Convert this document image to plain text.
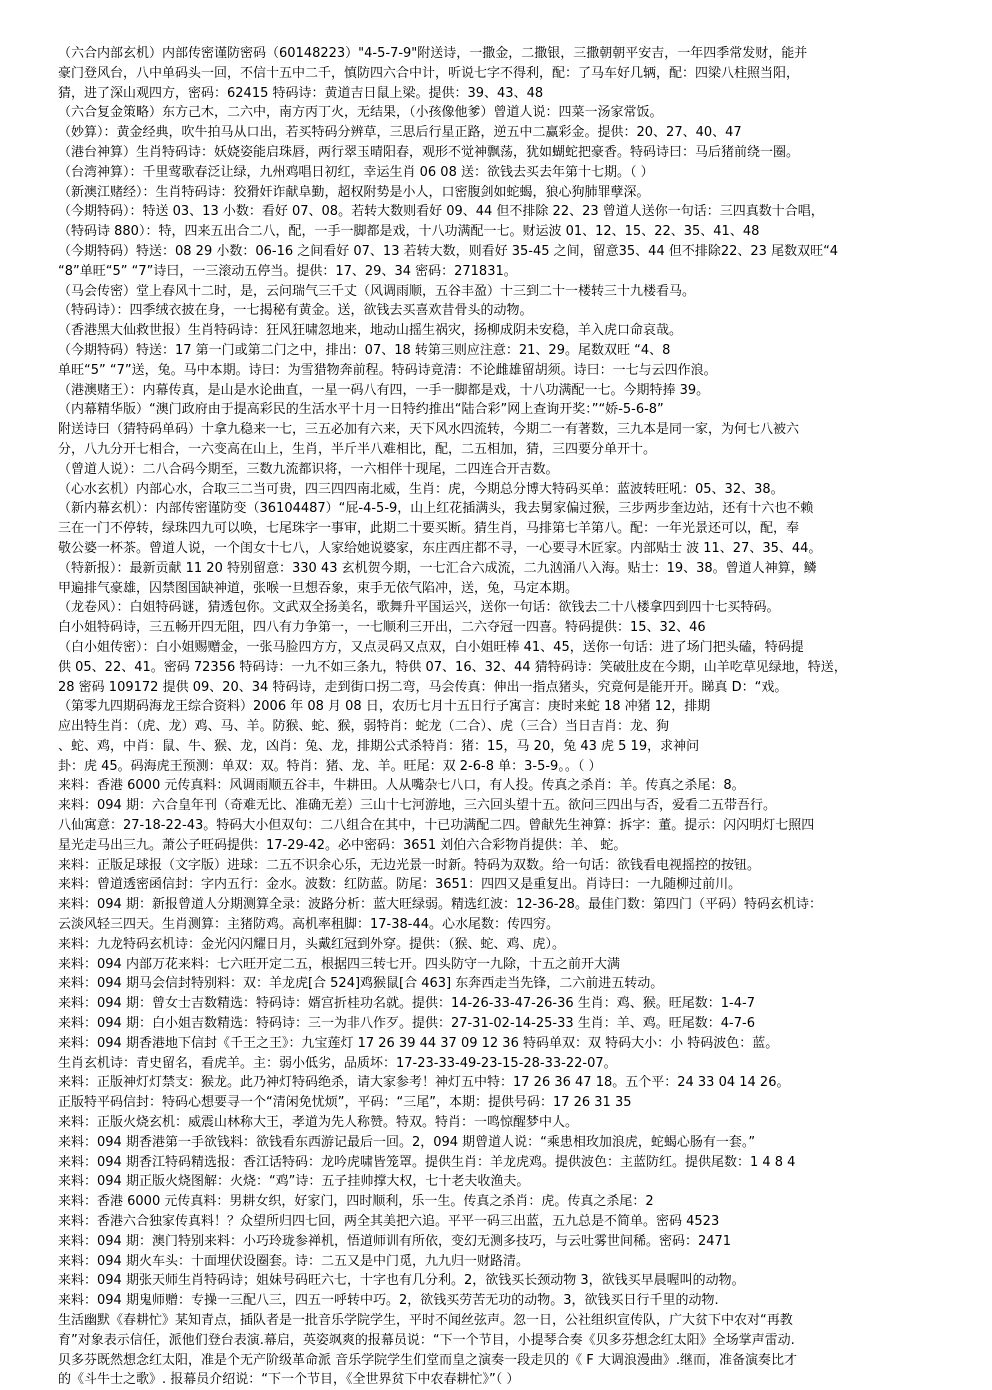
（六合内部玄机）内部传密谨防密码（60148223）"4-5-7-9"附送诗，一撒金，二撒银，三撒朝朝平安吉，一年四季常发财，能并
豪门登风台，八中单码头一回，不信十五中二千，慎防四六合中计，听说七字不得利，配：了马车好几辆，配：四梁八柱照当阳，
猜，进了深山观四方，密码：62415 特码诗：黄道吉日鼠上梁。提供：39、43、48
（六合复金策略）东方己木，二六中，南方丙丁火，无结果，（小孩像他爹）曾道人说：四菜一汤家常饭。
（妙算）：黄金经典，吹牛拍马从口出，若买特码分辨草，三思后行星正路，逆五中二赢彩金。提供：20、27、40、47
（港台神算）生肖特码诗：妖娆姿能启珠唇，两行翠玉晴阳春，观形不觉神飘荡，犹如蝴蛇把豪香。特码诗曰：马后猪前绕一圈。
（台湾神算）：千里莺歌春泛让绿，九州鸡唱日初红，幸运生肖 06 08 送：欲钱去买去年第十七期。（ ）
（新澳江赌经）：生肖特码诗：狡猾奸诈献阜勤，超权附势是小人，口密腹剑如蛇蝎，狼心狗肺罪孽深。
（今期特码）：特送 03、13 小数：看好 07、08。若转大数则看好 09、44 但不排除 22、23 曾道人送你一句话：三四真数十合唱，
（特码诗 880）：特，四来五出合二八，配，一手一脚都是戏，十八功满配一七。财运波 01、12、15、22、35、41、48
（今期特码）特送：08 29 小数：06-16 之间看好 07、13 若转大数，则看好 35-45 之间，留意35、44 但不排除22、23 尾数双旺“4
“8”单旺“5” “7”诗曰，一三滚动五停当。提供：17、29、34 密码：271831。
（马会传密）堂上春风十二时，是，云问瑞气三千丈（风调雨顺，五谷丰盈）十三到二十一楼转三十九楼看马。
（特码诗）：四季绒衣披在身，一七揭秘有黄金。送，欲钱去买喜欢昔骨头的动物。
（香港黑大仙救世报）生肖特码诗：狂风狂啸忽地来，地动山摇生祸灾，扬柳成阴未安稳，羊入虎口命哀哉。
（今期特码）特送：17 第一门或第二门之中，排出：07、18 转第三则应注意：21、29。尾数双旺 “4、8
单旺“5” “7”送，兔。马中本期。诗曰：为雪猎物奔前程。特码诗竟清：不论雌雄留胡须。诗曰：一七与云四作浪。
（港澳赌王）：内幕传真，是山是水论曲直，一星一码八有四，一手一脚都是戏，十八功满配一七。今期特捧 39。
（内幕精华版）“澳门政府由于提高彩民的生活水平十月一日特约推出“陆合彩”网上查询开奖：”“娇-5-6-8”
附送诗曰（猜特码单码）十拿九稳来一七，三五必加有六来，天下风水四流转，今期二一有著数，三九本是同一家，为何七八被六
分，八九分开七相合，一六变高在山上，生肖，半斤半八难相比，配，二五相加，猜，三四要分单开十。
（曾道人说）：二八合码今期至，三数九流都识将，一六相伴十现尾，二四连合开吉数。
（心水玄机）内部心水，合取三二当可贵，四三四四南北威，生肖：虎，今期总分博大特码买单：蓝波转旺吼：05、32、38。
（新内幕玄机）：内部传密谨防变（36104487）“屁-4-5-9，山上红花插满头，我去舅家偏过猴，三步两步奎边站，还有十六也不赖
三在一门不停转，绿珠四九可以唤，七尾珠字一事审，此期二十要买断。猜生肖，马排第七羊第八。配：一年光景还可以，配，奉
敬公婆一杯茶。曾道人说，一个闺女十七八，人家给她说婆家，东庄西庄都不寻，一心要寻木匠家。内部贴士 波 11、27、35、44。
（特新报）：最新贡献 11 20 特别留意：330 43 玄机贺今期，一七汇合六成流，二九汹涌八入海。贴士：19、38。曾道人神算，鳞
甲遍排气豪雄，囚禁图国缺神道，张喉一旦想吞象，束手无依气陷冲，送，兔，马定本期。
（龙卷风）：白姐特码谜，猜透包你。文武双全扬美名，歌舞升平国运兴，送你一句话：欲钱去二十八楼拿四到四十七买特码。
白小姐特码诗，三五畅开四无阻，四八有力争第一，一七顺利三开出，二六夺冠一四喜。特码提供：15、32、46
（白小姐传密）：白小姐赐赠金，一张马脸四方方，又点灵码又点双，白小姐旺棒 41、45，送你一句话：进了场门把头磕，特码提
供 05、22、41。密码 72356 特码诗：一九不如三条九，特供 07、16、32、44 猜特码诗：笑破肚皮在今期，山羊吃草见绿地，特送，
28 密码 109172 提供 09、20、34 特码诗，走到街口拐二弯，马会传真：伸出一指点猪头，究竟何是能开开。睇真 D：“戏。
（第零九四期码海龙王综合资料）2006 年 08 月 08 日，农历七月十五日行子寓言：庚时来蛇 18 冲猪 12，排期
应出特生肖：（虎、龙）鸡、马、羊。防猴、蛇、猴，弱特肖：蛇龙（二合）、虎（三合）当日吉肖：龙、狗
、蛇、鸡，中肖：鼠、牛、猴、龙，凶肖：兔、龙，排期公式杀特肖：猪：15，马 20，兔 43 虎 5 19，求神问
卦：虎 45。码海虎王预测：单双：双。特肖：猪、龙、羊。旺尾：双 2-6-8 单：3-5-9。。（ ）
来料：香港 6000 元传真料：风调雨顺五谷丰，牛耕田。人从嘴杂七八口，有人投。传真之杀肖：羊。传真之杀尾：8。
来料：094 期：六合皇年刊（奇难无比、准确无差）三山十七河游地，三六回头望十五。欲问三四出与否，爱看二五带吾行。
八仙寓意：27-18-22-43。特码大小但双句：二八组合在其中，十已功满配二四。曾献先生神算：拆字：董。提示：闪闪明灯七照四
星光走马出三九。萧公子旺码提供：17-29-42。必中密码：3651 刘伯六合彩物肖提供：羊、 蛇。
来料：正版足球报（文字版）进球：二五不识余心乐，无边光景一时新。特码为双数。给一句话：欲钱看电视摇控的按钮。
来料：曾道透密函信封：字内五行：金水。波数：红防蓝。防尾：3651：四四又是重复出。肖诗曰：一九随柳过前川。
来料：094 期：新报曾道人分期测算全录：波路分析：蓝大旺绿弱。精选红波：12-36-28。最佳门数：第四门（平码）特码玄机诗：
云淡风轻三四天。生肖测算：主猪防鸡。高机率租脚：17-38-44。心水尾数：传四穷。
来料：九龙特码玄机诗：金光闪闪耀日月，头戴红冠到外穿。提供：（猴、蛇、鸡、虎）。
来料：094 内部万花来料：七六旺开定二五，根据四三转七开。四头防守一九除，十五之前开大满
来料：094 期马会信封特别料：双：羊龙虎[合 524]鸡猴鼠[合 463] 东奔西走当先锋，二六前进五转动。
来料：094 期：曾女士吉数精选：特码诗：婿宫折桂功名就。提供：14-26-33-47-26-36 生肖：鸡、猴。旺尾数：1-4-7
来料：094 期：白小姐吉数精选：特码诗：三一为非八作歹。提供：27-31-02-14-25-33 生肖：羊、鸡。旺尾数：4-7-6
来料：094 期香港地下信封《千王之王》：九宝莲灯 17 26 39 44 37 09 12 36 特码单双：双 特码大小：小 特码波色：蓝。
生肖玄机诗：青史留名，看虎羊。主：弱小低劣，品质坏：17-23-33-49-23-15-28-33-22-07。
来料：正版神灯灯禁支：猴龙。此乃神灯特码绝杀，请大家参考！神灯五中特：17 26 36 47 18。五个平：24 33 04 14 26。
正版特平码信封：特码心想要寻一个“清闲免忧烦”，平码：“三尾”，本期：提供号码：17 26 31 35
来料：正版火烧玄机：威震山林称大王，孝道为先人称赞。特双。特肖：一鸣惊醒梦中人。
来料：094 期香港第一手欲钱料：欲钱看东西游记最后一回。2，094 期曾道人说：“乘患相玫加浪虎，蛇蝎心肠有一套。”
来料：094 期香江特码精选报：香江话特码：龙吟虎啸皆笼罩。提供生肖：羊龙虎鸡。提供波色：主蓝防红。提供尾数：1 4 8 4
来料：094 期正版火烧图解：火烧：“鸡”诗：五子挂帅撑大权，七十老夫收渔夫。
来料：香港 6000 元传真料：男耕女织，好家门，四时顺利，乐一生。传真之杀肖：虎。传真之杀尾：2
来料：香港六合独家传真料！？众望所归四七回，两全其美把六追。平平一码三出蓝，五九总是不简单。密码 4523
来料：094 期：澳门特别来料：小巧玲珑参禅机，悟道师训有所依，变幻无测多技巧，与云吐雾世间稀。密码：2471
来料：094 期火车头：十面埋伏设圈套。诗：二五又是中门觅，九九归一财路清。
来料：094 期张天师生肖特码诗；姐妹号码旺六七，十字也有几分利。2，欲钱买长颈动物 3，欲钱买早晨喔叫的动物。
来料：094 期鬼师赠：专操一三配八三，四五一呼转中巧。2，欲钱买劳苦无功的动物。3，欲钱买日行千里的动物.
生活幽默《春耕忙》某知青点，插队者是一批音乐学院学生，平时不闻丝弦声。忽一日，公社组织宣传队，广大贫下中农对“再教
育”对象表示信任，派他们登台表演.幕启，英姿飒爽的报幕员说：“下一个节目，小提琴合奏《贝多芬想念红太阳》全场掌声雷动.
贝多芬既然想念红太阳，准是个无产阶级革命派 音乐学院学生们堂而皇之演奏一段走贝的《 F 大调浪漫曲》.继而，准备演奏比才
的《斗牛士之歌》. 报幕员介绍说：“下一个节目，《全世界贫下中农春耕忙》”（ ）
